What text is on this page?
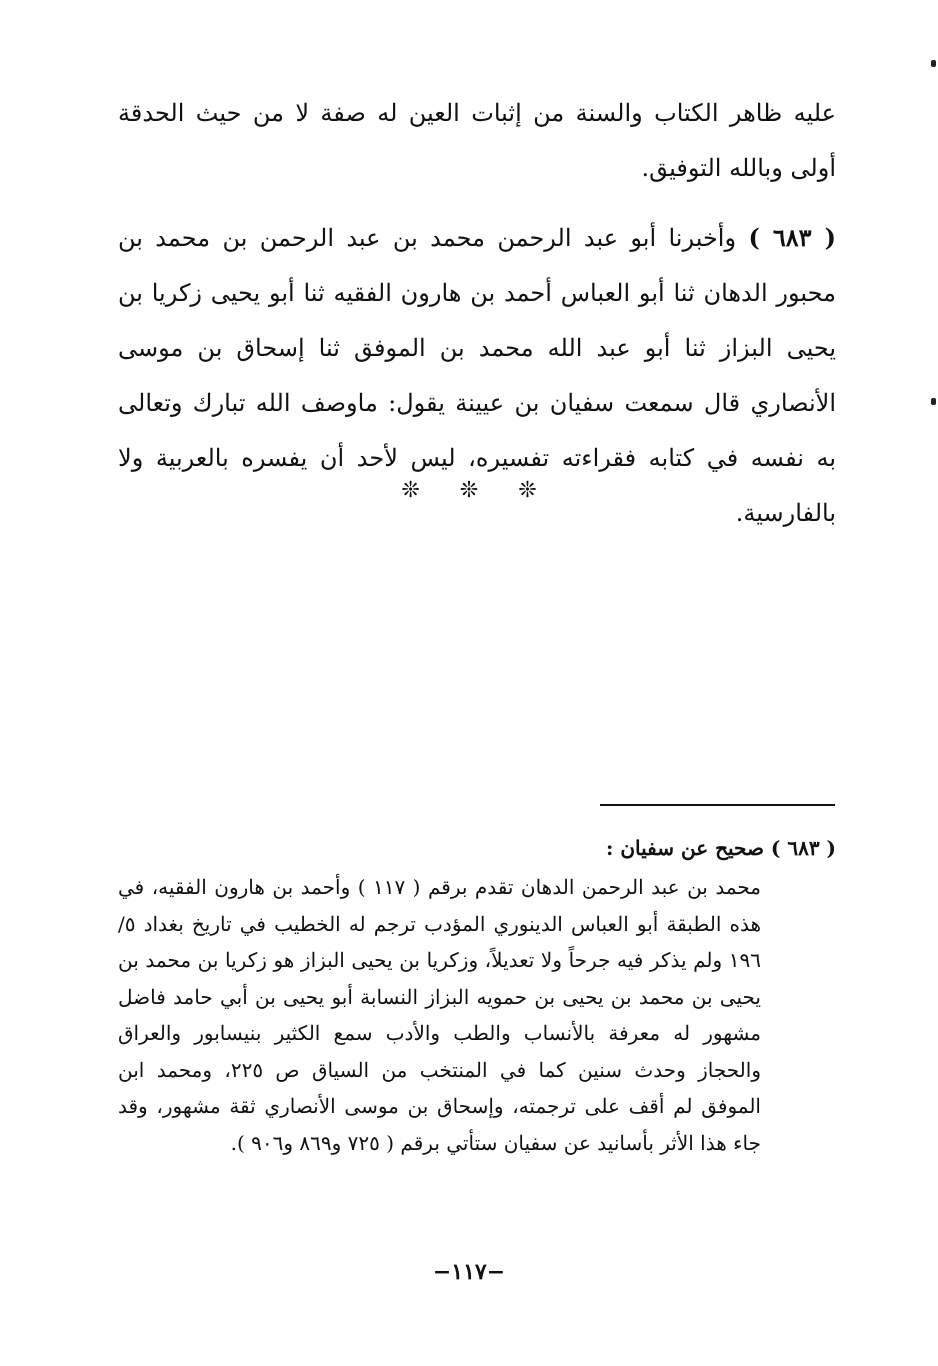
عليه ظاهر الكتاب والسنة من إثبات العين له صفة لا من حيث الحدقة أولى وبالله التوفيق.

( ٦٨٣ ) وأخبرنا أبو عبد الرحمن محمد بن عبد الرحمن بن محمد بن محبور الدهان ثنا أبو العباس أحمد بن هارون الفقيه ثنا أبو يحيى زكريا بن يحيى البزاز ثنا أبو عبد الله محمد بن الموفق ثنا إسحاق بن موسى الأنصاري قال سمعت سفيان بن عيينة يقول: ماوصف الله تبارك وتعالى به نفسه في كتابه فقراءته تفسيره، ليس لأحد أن يفسره بالعربية ولا بالفارسية.

❊❊❊
( ٦٨٣ ) صحيح عن سفيان :
محمد بن عبد الرحمن الدهان تقدم برقم ( ١١٧ ) وأحمد بن هارون الفقيه، في هذه الطبقة أبو العباس الدينوري المؤدب ترجم له الخطيب في تاريخ بغداد ٥/ ١٩٦ ولم يذكر فيه جرحاً ولا تعديلاً، وزكريا بن يحيى البزاز هو زكريا بن محمد بن يحيى بن محمد بن يحيى بن حمويه البزاز النسابة أبو يحيى بن أبي حامد فاضل مشهور له معرفة بالأنساب والطب والأدب سمع الكثير بنيسابور والعراق والحجاز وحدث سنين كما في المنتخب من السياق ص ٢٢٥، ومحمد ابن الموفق لم أقف على ترجمته، وإسحاق بن موسى الأنصاري ثقة مشهور، وقد جاء هذا الأثر بأسانيد عن سفيان ستأتي برقم ( ٧٢٥ و٨٦٩ و٩٠٦ ).
−١١٧−
